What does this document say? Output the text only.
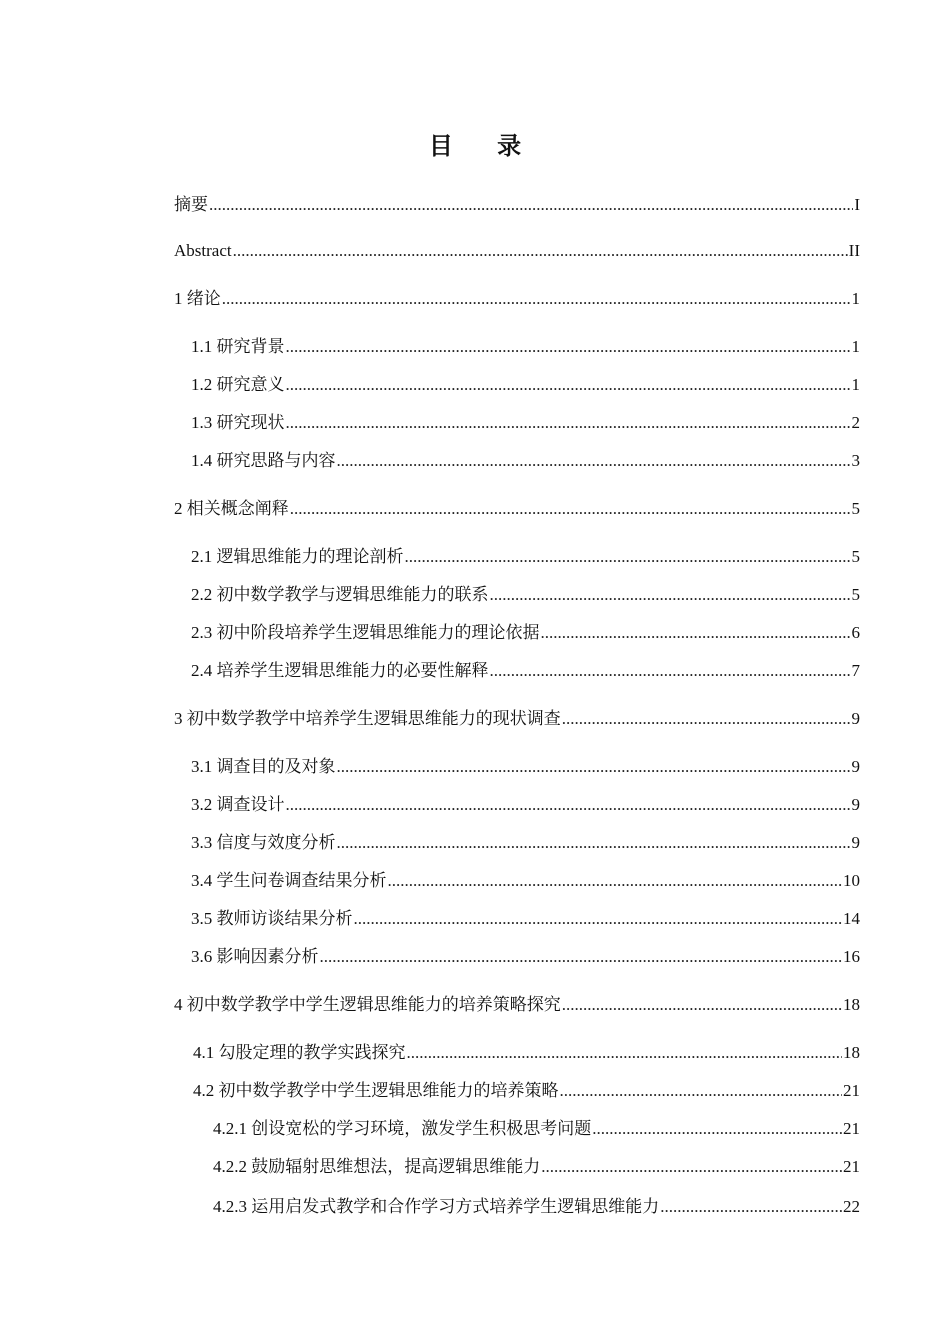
目 录
摘要 .....	I
Abstract .....	II
1 绪论 .....	1
1.1 研究背景 .....	1
1.2 研究意义 .....	1
1.3 研究现状 .....	2
1.4 研究思路与内容 .....	3
2 相关概念阐释 .....	5
2.1 逻辑思维能力的理论剖析 .....	5
2.2 初中数学教学与逻辑思维能力的联系 .....	5
2.3 初中阶段培养学生逻辑思维能力的理论依据 .....	6
2.4 培养学生逻辑思维能力的必要性解释 .....	7
3 初中数学教学中培养学生逻辑思维能力的现状调查 .....	9
3.1 调查目的及对象 .....	9
3.2 调查设计 .....	9
3.3 信度与效度分析 .....	9
3.4 学生问卷调查结果分析 .....	10
3.5 教师访谈结果分析 .....	14
3.6 影响因素分析 .....	16
4 初中数学教学中学生逻辑思维能力的培养策略探究 .....	18
4.1 勾股定理的教学实践探究 .....	18
4.2 初中数学教学中学生逻辑思维能力的培养策略 .....	21
4.2.1 创设宽松的学习环境，激发学生积极思考问题 .....	21
4.2.2 鼓励辐射思维想法，提高逻辑思维能力 .....	21
4.2.3 运用启发式教学和合作学习方式培养学生逻辑思维能力 .....	22
